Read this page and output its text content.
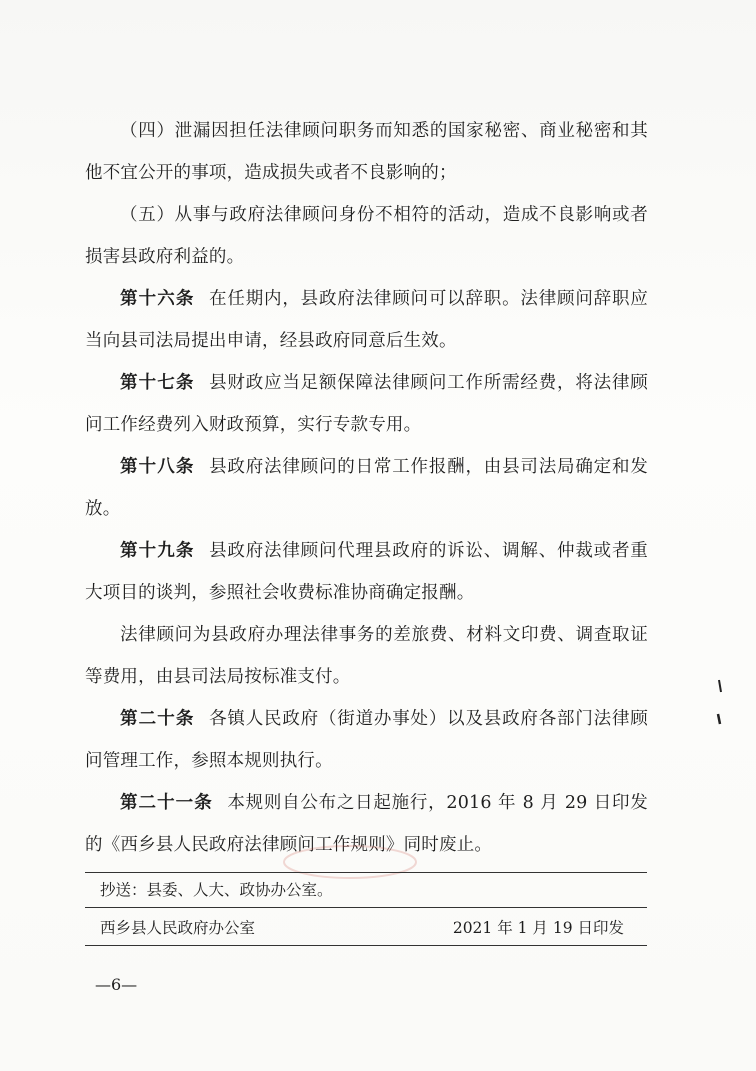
（四）泄漏因担任法律顾问职务而知悉的国家秘密、商业秘密和其他不宜公开的事项，造成损失或者不良影响的；

（五）从事与政府法律顾问身份不相符的活动，造成不良影响或者损害县政府利益的。

第十六条 在任期内，县政府法律顾问可以辞职。法律顾问辞职应当向县司法局提出申请，经县政府同意后生效。

第十七条 县财政应当足额保障法律顾问工作所需经费，将法律顾问工作经费列入财政预算，实行专款专用。

第十八条 县政府法律顾问的日常工作报酬，由县司法局确定和发放。

第十九条 县政府法律顾问代理县政府的诉讼、调解、仲裁或者重大项目的谈判，参照社会收费标准协商确定报酬。

法律顾问为县政府办理法律事务的差旅费、材料文印费、调查取证等费用，由县司法局按标准支付。

第二十条 各镇人民政府（街道办事处）以及县政府各部门法律顾问管理工作，参照本规则执行。

第二十一条 本规则自公布之日起施行，2016 年 8 月 29 日印发的《西乡县人民政府法律顾问工作规则》同时废止。

抄送：县委、人大、政协办公室。
西乡县人民政府办公室	2021 年 1 月 19 日印发
—6—
